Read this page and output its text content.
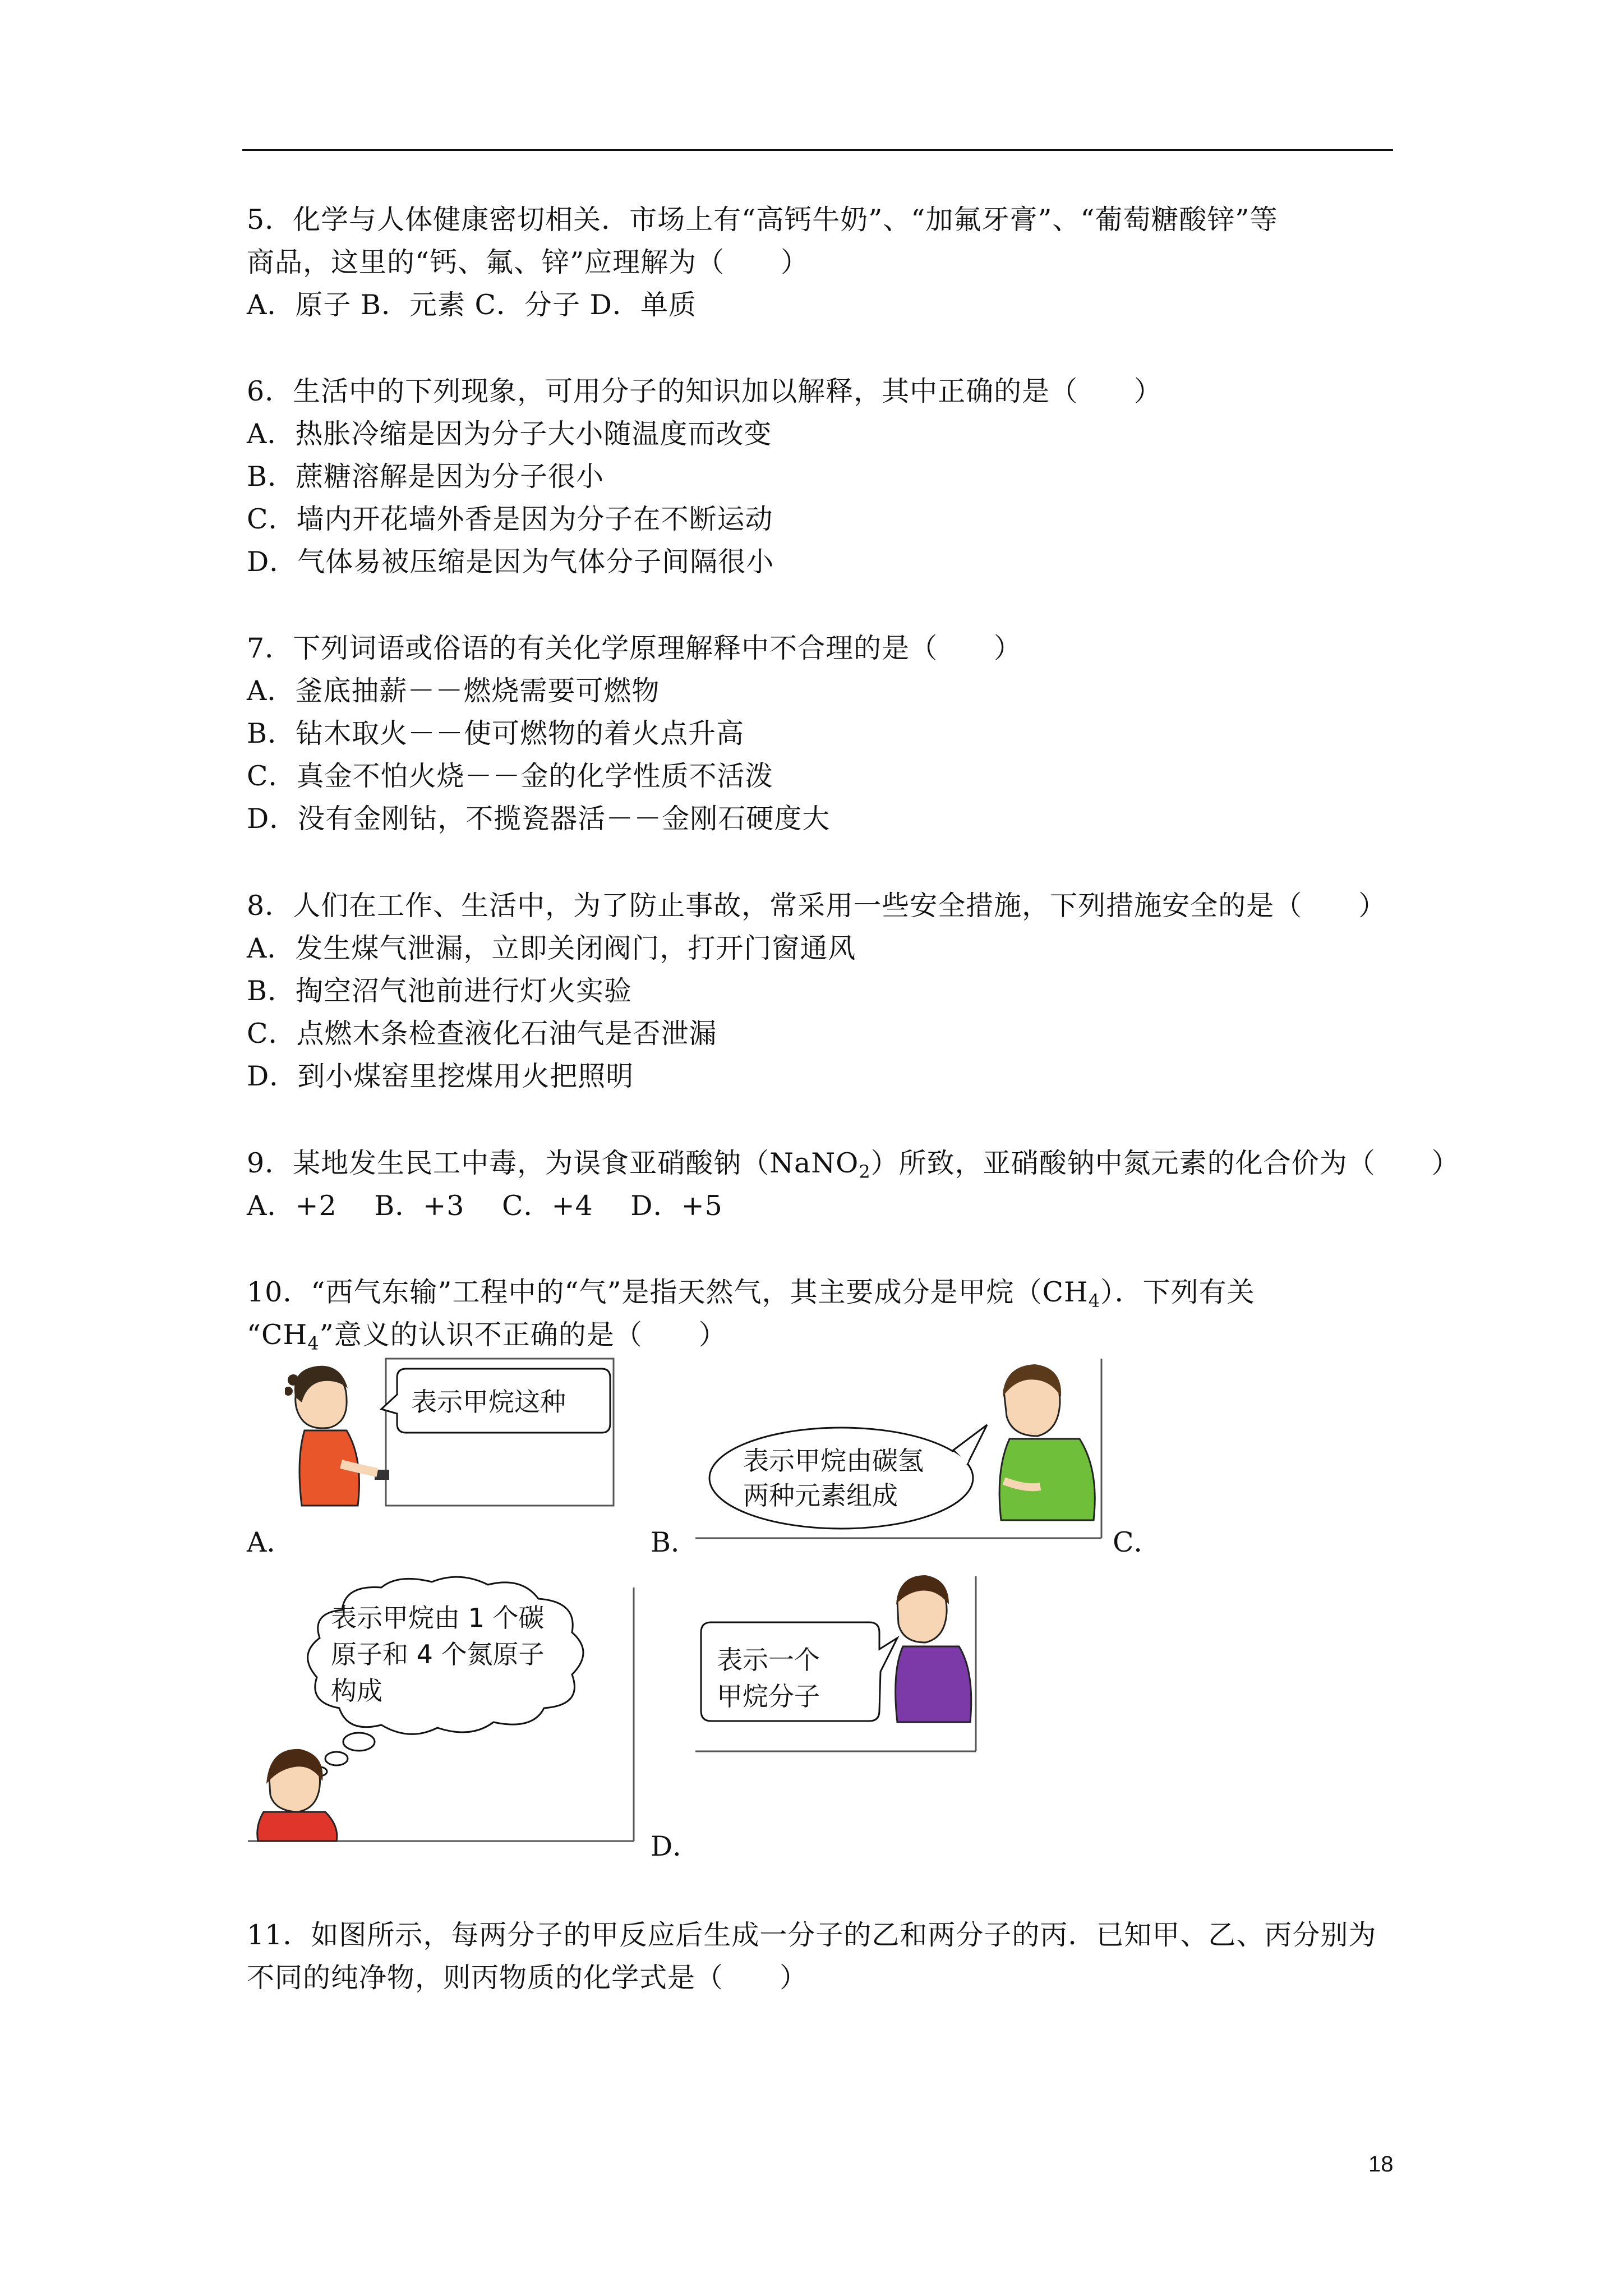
5．化学与人体健康密切相关．市场上有“高钙牛奶”、“加氟牙膏”、“葡萄糖酸锌”等
商品，这里的“钙、氟、锌”应理解为（　　）
A．原子 B．元素 C．分子 D．单质
6．生活中的下列现象，可用分子的知识加以解释，其中正确的是（　　）
A．热胀冷缩是因为分子大小随温度而改变
B．蔗糖溶解是因为分子很小
C．墙内开花墙外香是因为分子在不断运动
D．气体易被压缩是因为气体分子间隔很小
7．下列词语或俗语的有关化学原理解释中不合理的是（　　）
A．釜底抽薪－－燃烧需要可燃物
B．钻木取火－－使可燃物的着火点升高
C．真金不怕火烧－－金的化学性质不活泼
D．没有金刚钻，不揽瓷器活－－金刚石硬度大
8．人们在工作、生活中，为了防止事故，常采用一些安全措施，下列措施安全的是（　　）
A．发生煤气泄漏，立即关闭阀门，打开门窗通风
B．掏空沼气池前进行灯火实验
C．点燃木条检查液化石油气是否泄漏
D．到小煤窑里挖煤用火把照明
9．某地发生民工中毒，为误食亚硝酸钠（NaNO$_2$）所致，亚硝酸钠中氮元素的化合价为（　　）
A．+2　 B．+3　 C．+4　 D．+5
10．“西气东输”工程中的“气”是指天然气，其主要成分是甲烷$(CH_4)$．下列有关
“$CH_4$”意义的认识不正确的是（　　）
表示甲烷这种
A．
表示甲烷由碳氢
两种元素组成
B．	C．
表示甲烷由 1 个碳
原子和 4 个氮原子
构成
表示一个
甲烷分子
D．
11．如图所示，每两分子的甲反应后生成一分子的乙和两分子的丙．已知甲、乙、丙分别为
不同的纯净物，则丙物质的化学式是（　　）
18
